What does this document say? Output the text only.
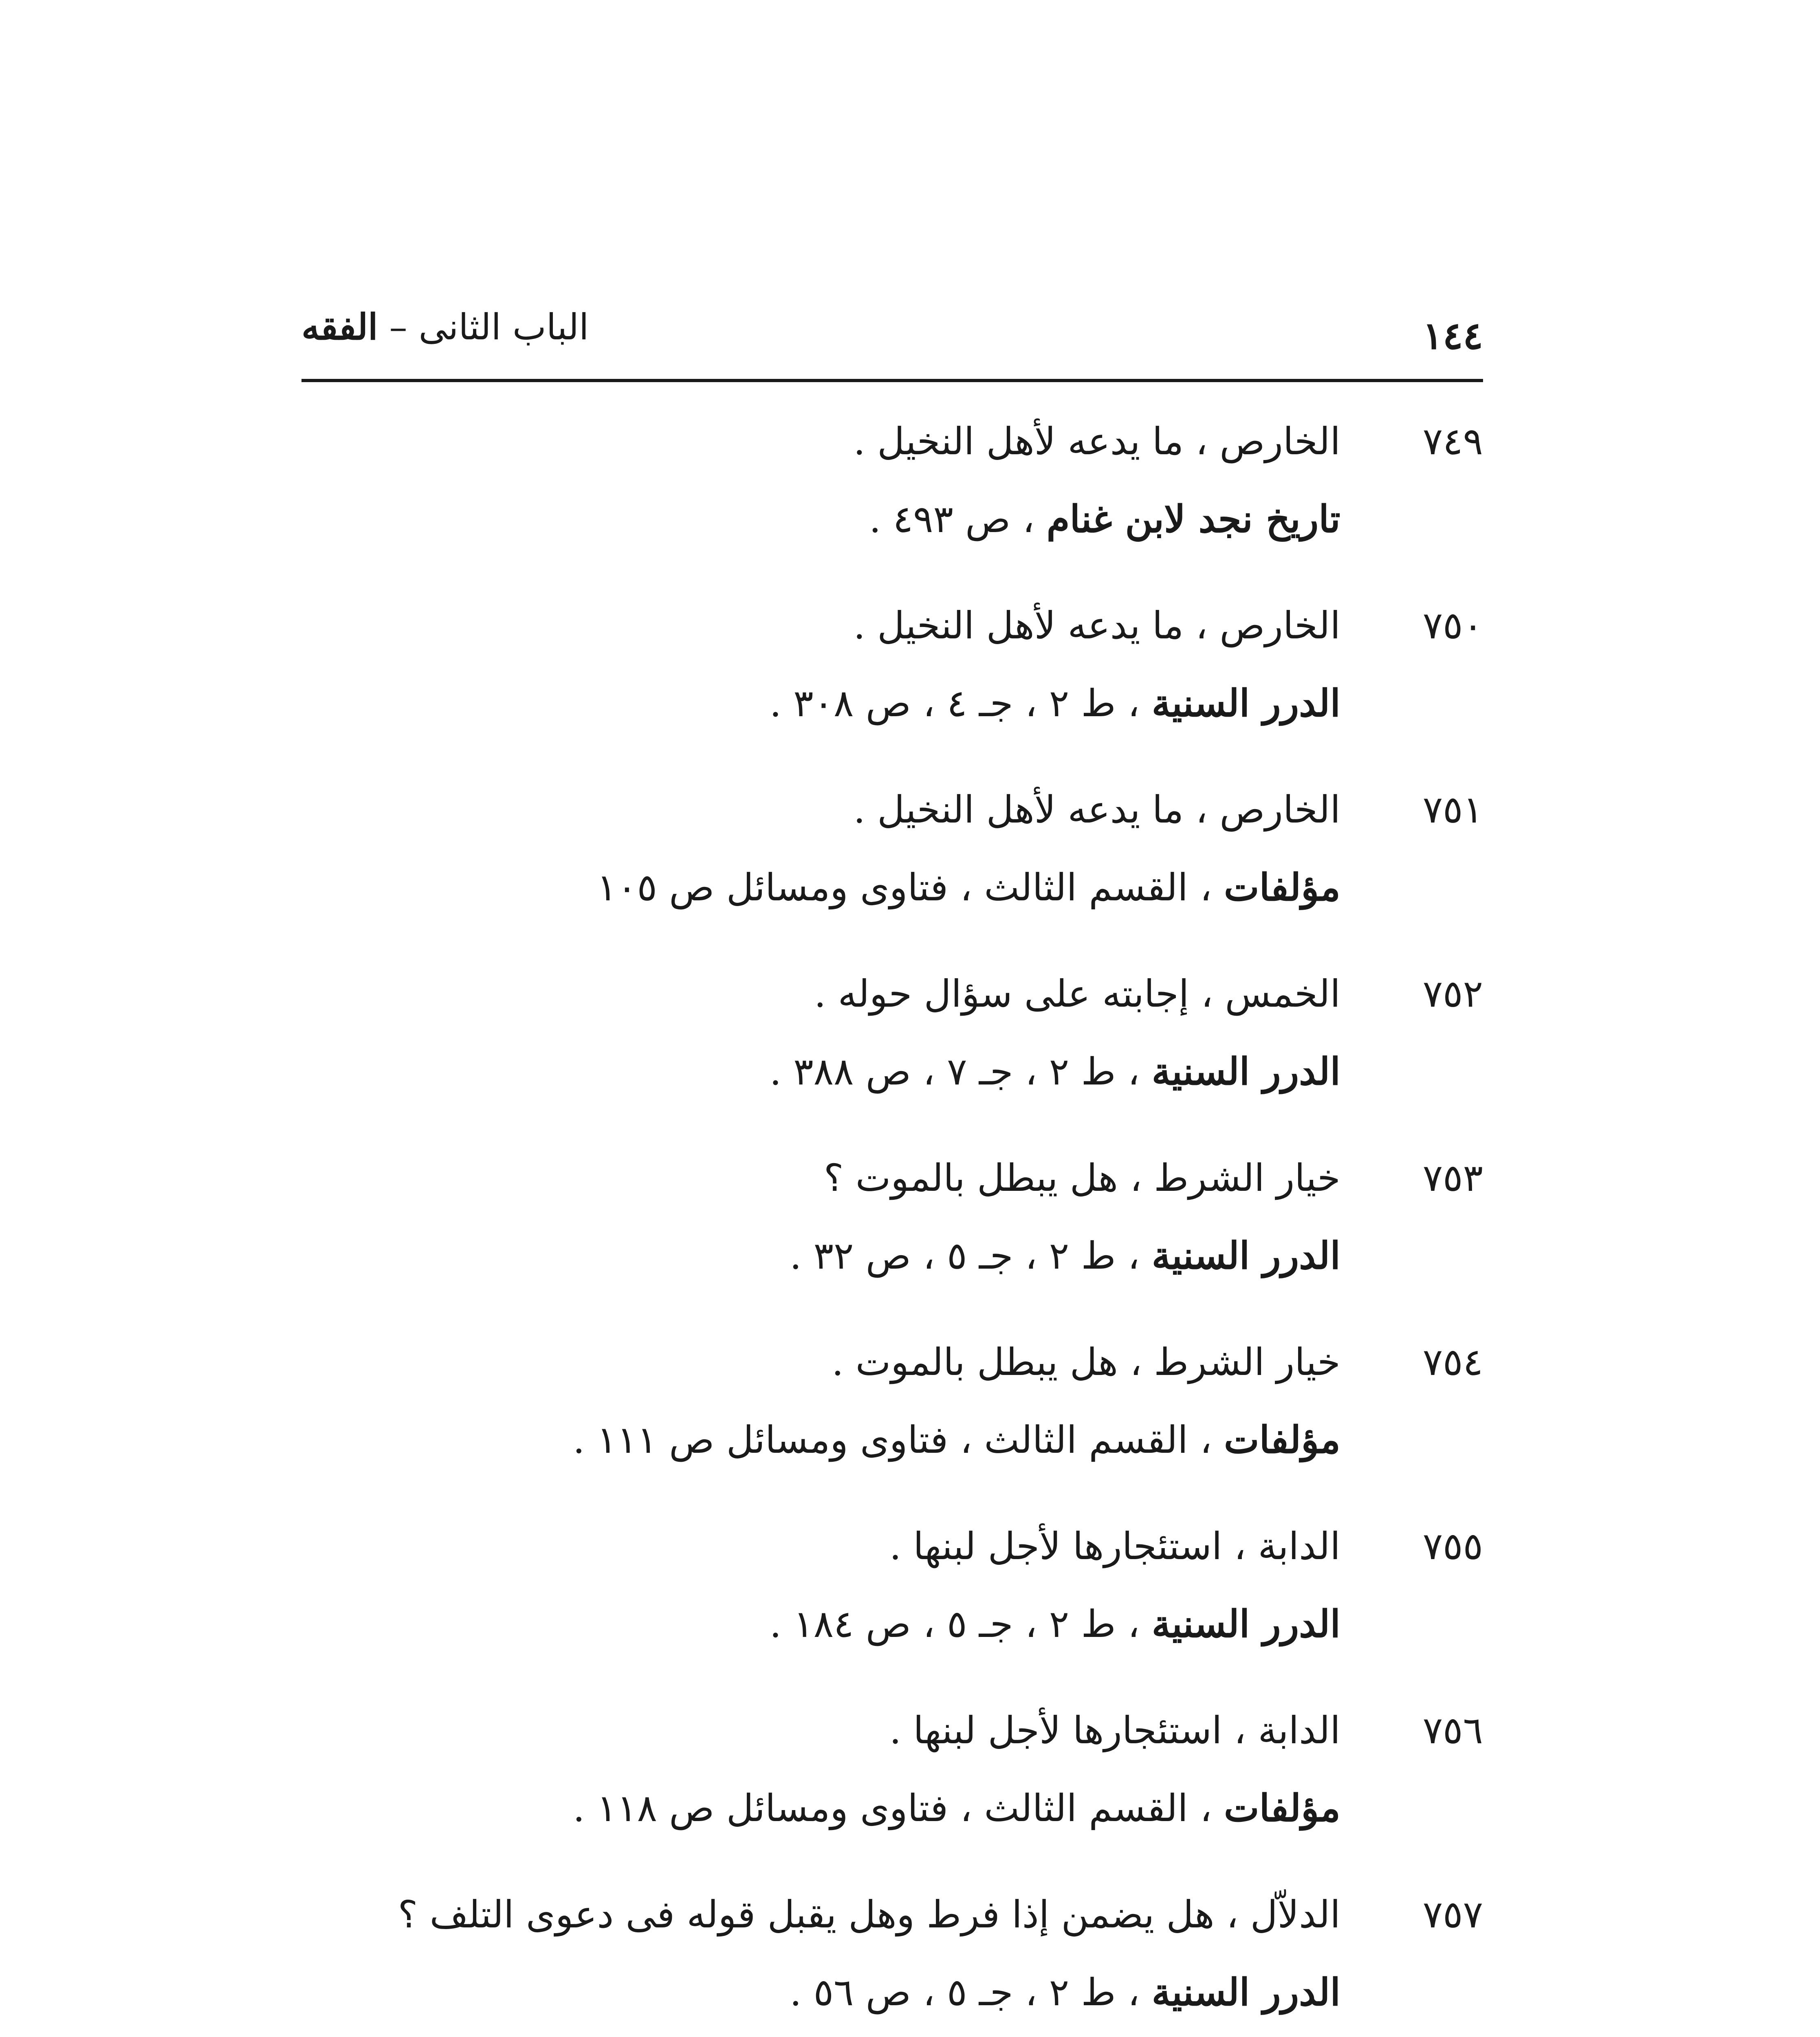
١٤٤
الباب الثانى – الفقه
٧٤٩
الخارص ، ما يدعه لأهل النخيل .
تاريخ نجد لابن غنام ، ص ٤٩٣ .
٧٥٠
الخارص ، ما يدعه لأهل النخيل .
الدرر السنية ، ط ٢ ، جـ ٤ ، ص ٣٠٨ .
٧٥١
الخارص ، ما يدعه لأهل النخيل .
مؤلفات ، القسم الثالث ، فتاوى ومسائل ص ١٠٥
٧٥٢
الخمس ، إجابته على سؤال حوله .
الدرر السنية ، ط ٢ ، جـ ٧ ، ص ٣٨٨ .
٧٥٣
خيار الشرط ، هل يبطل بالموت ؟
الدرر السنية ، ط ٢ ، جـ ٥ ، ص ٣٢ .
٧٥٤
خيار الشرط ، هل يبطل بالموت .
مؤلفات ، القسم الثالث ، فتاوى ومسائل ص ١١١ .
٧٥٥
الدابة ، استئجارها لأجل لبنها .
الدرر السنية ، ط ٢ ، جـ ٥ ، ص ١٨٤ .
٧٥٦
الدابة ، استئجارها لأجل لبنها .
مؤلفات ، القسم الثالث ، فتاوى ومسائل ص ١١٨ .
٧٥٧
الدلاّل ، هل يضمن إذا فرط وهل يقبل قوله فى دعوى التلف ؟
الدرر السنية ، ط ٢ ، جـ ٥ ، ص ٥٦ .
